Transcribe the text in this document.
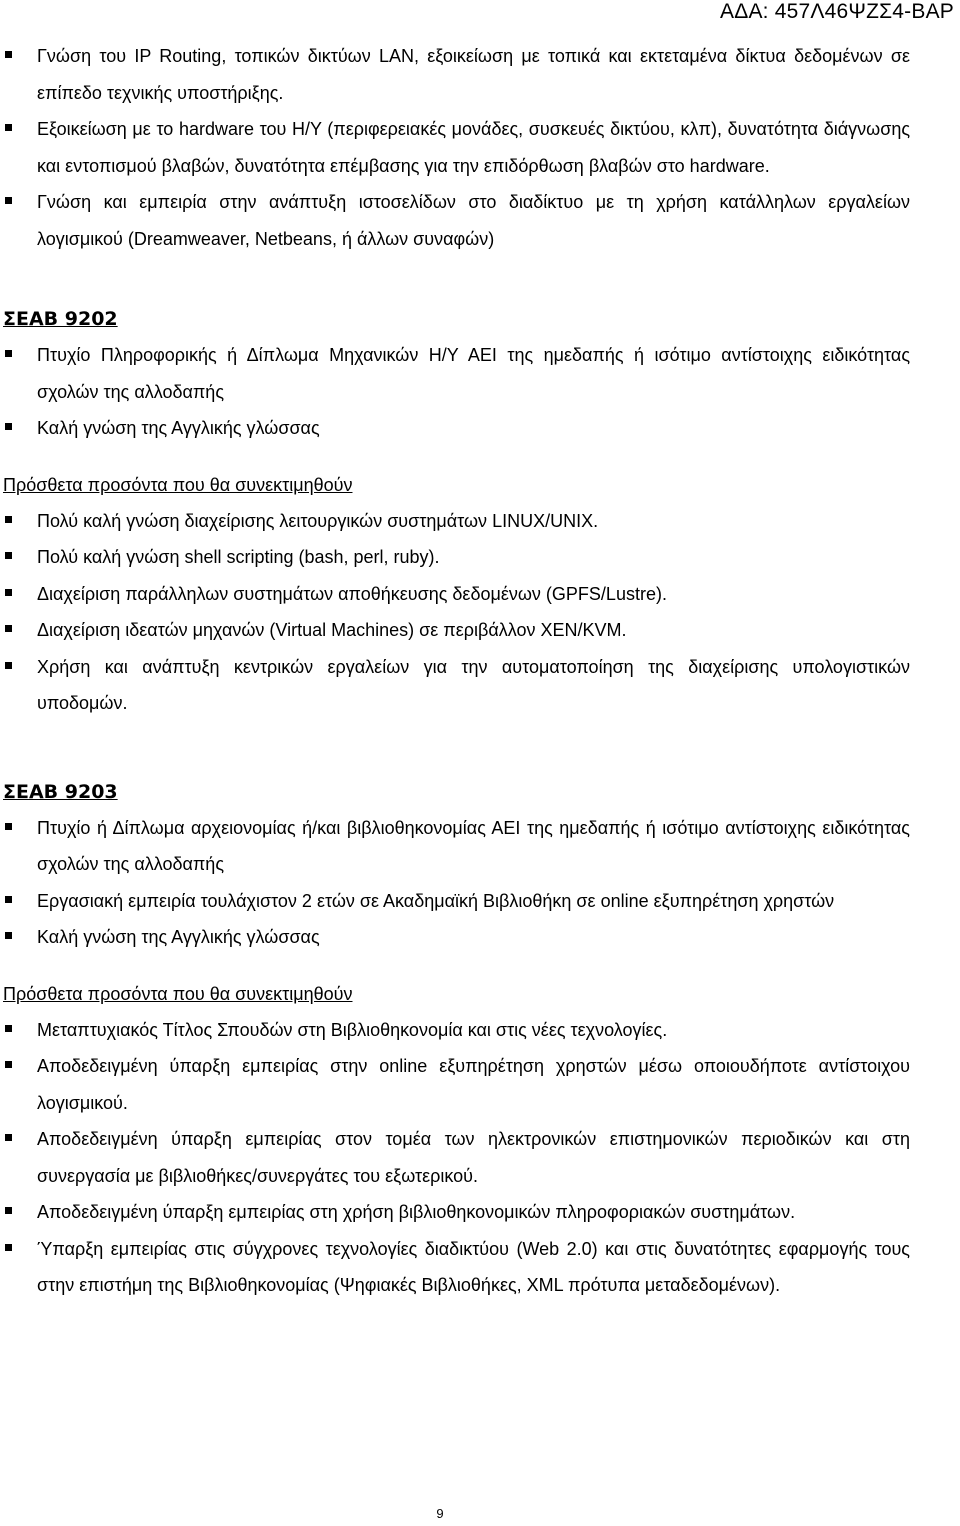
ΑΔΑ: 457Λ46ΨΖΣ4-ΒΑΡ
Γνώση του IP Routing, τοπικών δικτύων LAN, εξοικείωση με τοπικά και εκτεταμένα δίκτυα δεδομένων σε επίπεδο τεχνικής υποστήριξης.
Εξοικείωση με το hardware του Η/Υ (περιφερειακές μονάδες, συσκευές δικτύου, κλπ), δυνατότητα διάγνωσης και εντοπισμού βλαβών, δυνατότητα επέμβασης για την επιδόρθωση βλαβών στο hardware.
Γνώση και εμπειρία στην ανάπτυξη ιστοσελίδων στο διαδίκτυο με τη χρήση κατάλληλων εργαλείων λογισμικού (Dreamweaver, Netbeans, ή άλλων συναφών)
ΣΕΑΒ 9202
Πτυχίο Πληροφορικής ή Δίπλωμα Μηχανικών Η/Υ ΑΕΙ της ημεδαπής ή ισότιμο αντίστοιχης ειδικότητας σχολών της αλλοδαπής
Καλή γνώση της Αγγλικής γλώσσας
Πρόσθετα προσόντα που θα συνεκτιμηθούν
Πολύ καλή γνώση διαχείρισης λειτουργικών συστημάτων LINUX/UNIX.
Πολύ καλή γνώση shell scripting (bash, perl, ruby).
Διαχείριση παράλληλων συστημάτων αποθήκευσης δεδομένων (GPFS/Lustre).
Διαχείριση ιδεατών μηχανών (Virtual Machines) σε περιβάλλον XEN/KVM.
Χρήση και ανάπτυξη κεντρικών εργαλείων για την αυτοματοποίηση της διαχείρισης υπολογιστικών υποδομών.
ΣΕΑΒ 9203
Πτυχίο ή Δίπλωμα αρχειονομίας ή/και βιβλιοθηκονομίας ΑΕΙ της ημεδαπής ή ισότιμο αντίστοιχης ειδικότητας σχολών της αλλοδαπής
Εργασιακή εμπειρία τουλάχιστον 2 ετών σε Ακαδημαϊκή Βιβλιοθήκη σε online εξυπηρέτηση χρηστών
Καλή γνώση της Αγγλικής γλώσσας
Πρόσθετα προσόντα που θα συνεκτιμηθούν
Μεταπτυχιακός Τίτλος Σπουδών στη Βιβλιοθηκονομία και στις νέες τεχνολογίες.
Αποδεδειγμένη ύπαρξη εμπειρίας στην online εξυπηρέτηση χρηστών μέσω οποιουδήποτε αντίστοιχου λογισμικού.
Αποδεδειγμένη ύπαρξη εμπειρίας στον τομέα των ηλεκτρονικών επιστημονικών περιοδικών και στη συνεργασία με βιβλιοθήκες/συνεργάτες του εξωτερικού.
Αποδεδειγμένη ύπαρξη εμπειρίας στη χρήση βιβλιοθηκονομικών πληροφοριακών συστημάτων.
Ύπαρξη εμπειρίας στις σύγχρονες τεχνολογίες διαδικτύου (Web 2.0) και στις δυνατότητες εφαρμογής τους στην επιστήμη της Βιβλιοθηκονομίας (Ψηφιακές Βιβλιοθήκες, XML πρότυπα μεταδεδομένων).
9
